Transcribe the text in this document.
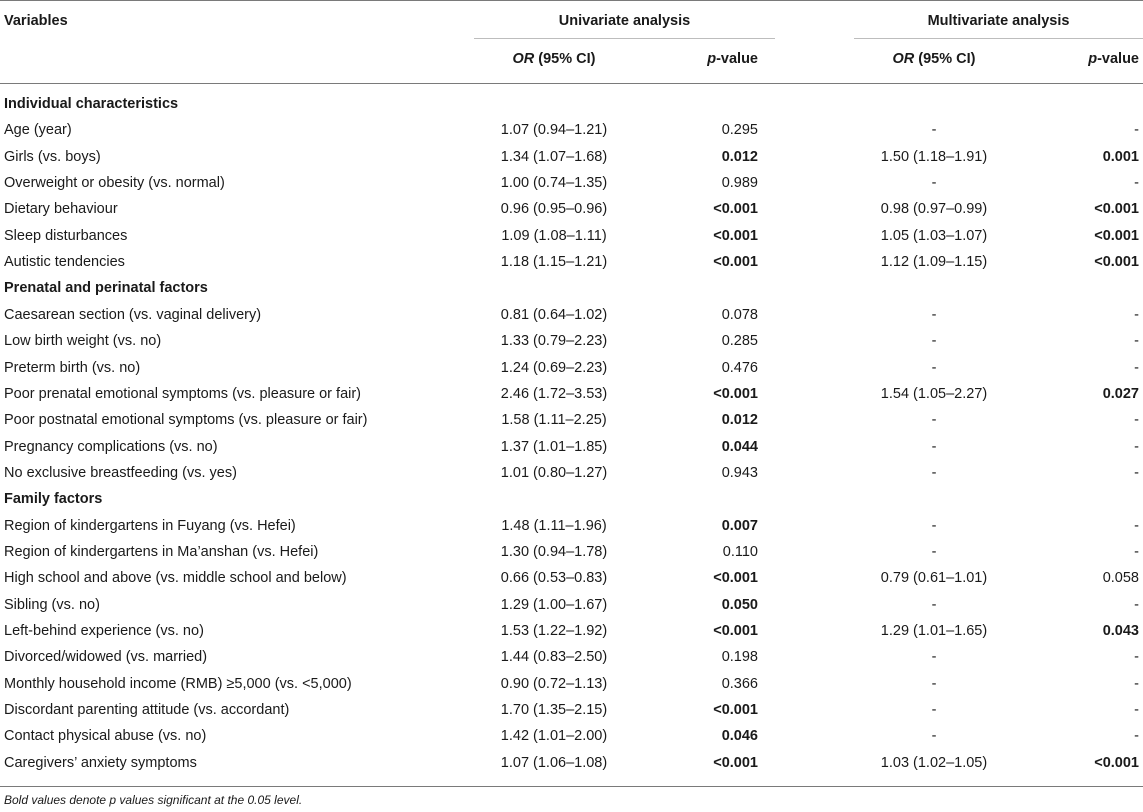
Variables	Univariate analysis	Multivariate analysis
OR (95% CI)	p-value	OR (95% CI)	p-value
Individual characteristics
Age (year)	1.07 (0.94–1.21)	0.295	-	-
Girls (vs. boys)	1.34 (1.07–1.68)	0.012	1.50 (1.18–1.91)	0.001
Overweight or obesity (vs. normal)	1.00 (0.74–1.35)	0.989	-	-
Dietary behaviour	0.96 (0.95–0.96)	<0.001	0.98 (0.97–0.99)	<0.001
Sleep disturbances	1.09 (1.08–1.11)	<0.001	1.05 (1.03–1.07)	<0.001
Autistic tendencies	1.18 (1.15–1.21)	<0.001	1.12 (1.09–1.15)	<0.001
Prenatal and perinatal factors
Caesarean section (vs. vaginal delivery)	0.81 (0.64–1.02)	0.078	-	-
Low birth weight (vs. no)	1.33 (0.79–2.23)	0.285	-	-
Preterm birth (vs. no)	1.24 (0.69–2.23)	0.476	-	-
Poor prenatal emotional symptoms (vs. pleasure or fair)	2.46 (1.72–3.53)	<0.001	1.54 (1.05–2.27)	0.027
Poor postnatal emotional symptoms (vs. pleasure or fair)	1.58 (1.11–2.25)	0.012	-	-
Pregnancy complications (vs. no)	1.37 (1.01–1.85)	0.044	-	-
No exclusive breastfeeding (vs. yes)	1.01 (0.80–1.27)	0.943	-	-
Family factors
Region of kindergartens in Fuyang (vs. Hefei)	1.48 (1.11–1.96)	0.007	-	-
Region of kindergartens in Ma’anshan (vs. Hefei)	1.30 (0.94–1.78)	0.110	-	-
High school and above (vs. middle school and below)	0.66 (0.53–0.83)	<0.001	0.79 (0.61–1.01)	0.058
Sibling (vs. no)	1.29 (1.00–1.67)	0.050	-	-
Left-behind experience (vs. no)	1.53 (1.22–1.92)	<0.001	1.29 (1.01–1.65)	0.043
Divorced/widowed (vs. married)	1.44 (0.83–2.50)	0.198	-	-
Monthly household income (RMB) ≥5,000 (vs. <5,000)	0.90 (0.72–1.13)	0.366	-	-
Discordant parenting attitude (vs. accordant)	1.70 (1.35–2.15)	<0.001	-	-
Contact physical abuse (vs. no)	1.42 (1.01–2.00)	0.046	-	-
Caregivers’ anxiety symptoms	1.07 (1.06–1.08)	<0.001	1.03 (1.02–1.05)	<0.001
Bold values denote p values significant at the 0.05 level.
